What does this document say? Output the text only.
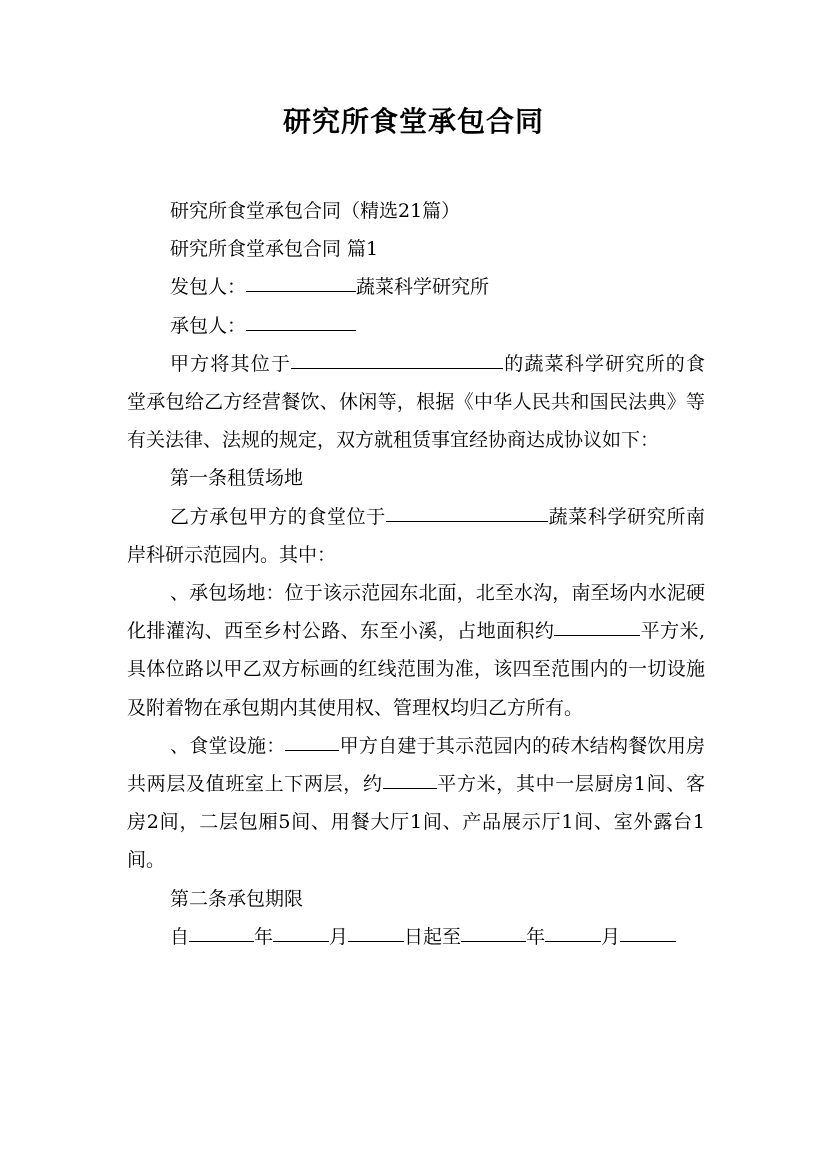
研究所食堂承包合同

研究所食堂承包合同（精选21篇）

研究所食堂承包合同 篇1

发包人：	蔬菜科学研究所

承包人：

甲方将其位于	的蔬菜科学研究所的食堂承包给乙方经营餐饮、休闲等，根据《中华人民共和国民法典》等有关法律、法规的规定，双方就租赁事宜经协商达成协议如下：

第一条租赁场地

乙方承包甲方的食堂位于	蔬菜科学研究所南岸科研示范园内。其中：

、承包场地：位于该示范园东北面，北至水沟，南至场内水泥硬化排灌沟、西至乡村公路、东至小溪，占地面积约	平方米,具体位路以甲乙双方标画的红线范围为准，该四至范围内的一切设施及附着物在承包期内其使用权、管理权均归乙方所有。

、食堂设施：	甲方自建于其示范园内的砖木结构餐饮用房共两层及值班室上下两层，约	平方米，其中一层厨房1间、客房2间，二层包厢5间、用餐大厅1间、产品展示厅1间、室外露台1间。

第二条承包期限

自	年	月	日起至	年	月
